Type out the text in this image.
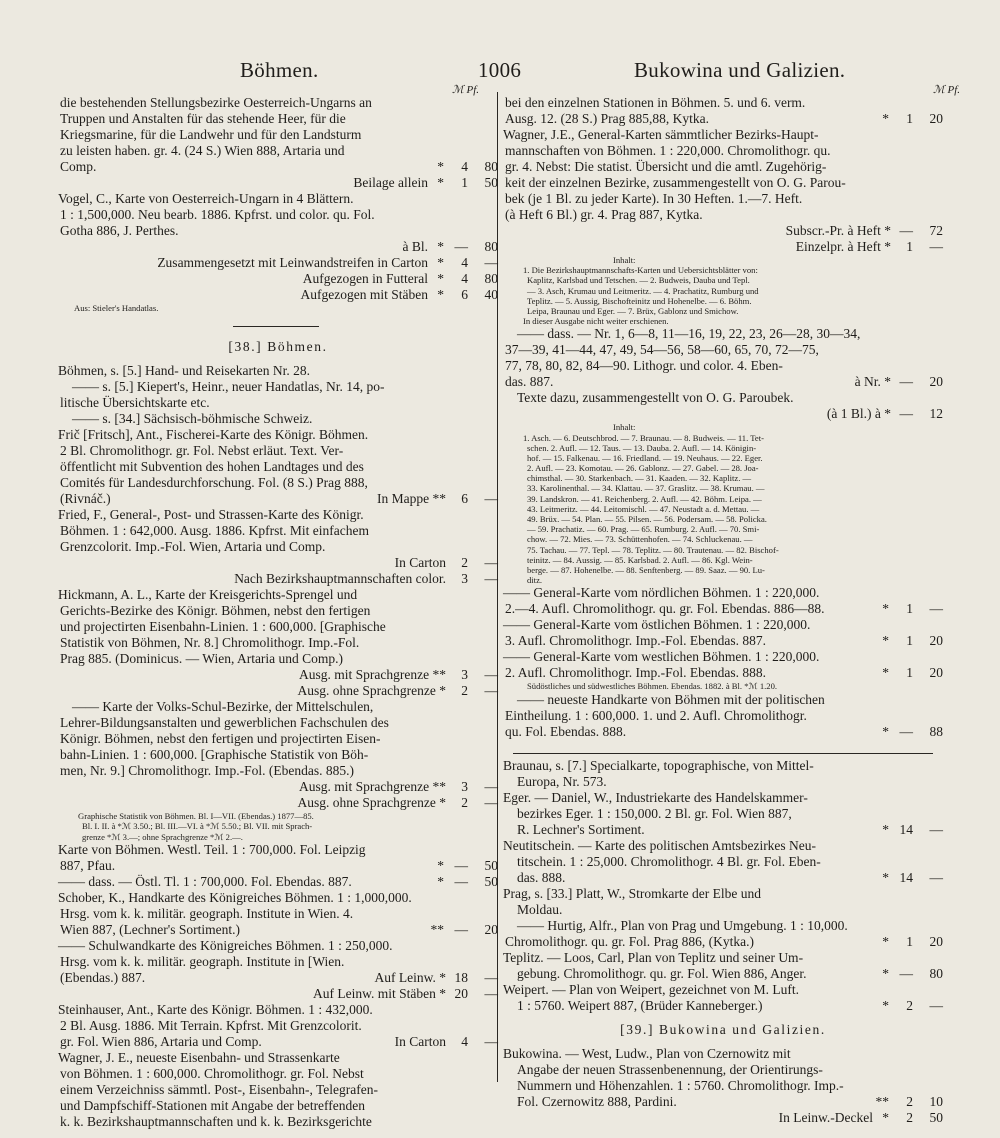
Böhmen.	1006	Bukowina und Galizien.
ℳ Pf.	ℳ Pf.
die bestehenden Stellungsbezirke Oesterreich-Ungarns an
Truppen und Anstalten für das stehende Heer, für die
Kriegsmarine, für die Landwehr und für den Landsturm
zu leisten haben. gr. 4. (24 S.) Wien 888, Artaria und
Comp.	* 4 80
Beilage allein * 1 50
Vogel, C., Karte von Oesterreich-Ungarn in 4 Blättern.
1 : 1,500,000. Neu bearb. 1886. Kpfrst. und color. qu. Fol.
Gotha 886, J. Perthes.
à Bl. * — 80
Zusammengesetzt mit Leinwandstreifen in Carton * 4 —
Aufgezogen in Futteral * 4 80
Aufgezogen mit Stäben * 6 40
Aus: Stieler's Handatlas.
[38.] Böhmen.
Böhmen, s. [5.] Hand- und Reisekarten Nr. 28.
—— s. [5.] Kiepert's, Heinr., neuer Handatlas, Nr. 14, po-
litische Übersichtskarte etc.
—— s. [34.] Sächsisch-böhmische Schweiz.
Frič [Fritsch], Ant., Fischerei-Karte des Königr. Böhmen.
2 Bl. Chromolithogr. gr. Fol. Nebst erläut. Text. Ver-
öffentlicht mit Subvention des hohen Landtages und des
Comités für Landesdurchforschung. Fol. (8 S.) Prag 888,
(Rivnáč.)	In Mappe ** 6 —
Fried, F., General-, Post- und Strassen-Karte des Königr.
Böhmen. 1 : 642,000. Ausg. 1886. Kpfrst. Mit einfachem
Grenzcolorit. Imp.-Fol. Wien, Artaria und Comp.
In Carton 2 —
Nach Bezirkshauptmannschaften color. 3 —
Hickmann, A. L., Karte der Kreisgerichts-Sprengel und
Gerichts-Bezirke des Königr. Böhmen, nebst den fertigen
und projectirten Eisenbahn-Linien. 1 : 600,000. [Graphische
Statistik von Böhmen, Nr. 8.] Chromolithogr. Imp.-Fol.
Prag 885. (Dominicus. — Wien, Artaria und Comp.)
Ausg. mit Sprachgrenze ** 3 —
Ausg. ohne Sprachgrenze * 2 —
—— Karte der Volks-Schul-Bezirke, der Mittelschulen,
Lehrer-Bildungsanstalten und gewerblichen Fachschulen des
Königr. Böhmen, nebst den fertigen und projectirten Eisen-
bahn-Linien. 1 : 600,000. [Graphische Statistik von Böh-
men, Nr. 9.] Chromolithogr. Imp.-Fol. (Ebendas. 885.)
Ausg. mit Sprachgrenze ** 3 —
Ausg. ohne Sprachgrenze * 2 —
Graphische Statistik von Böhmen. Bl. I—VII. (Ebendas.) 1877—85.
Bl. I. II. à *ℳ 3.50.; Bl. III.—VI. à *ℳ 5.50.; Bl. VII. mit Sprach-
grenze *ℳ 3.—; ohne Sprachgrenze *ℳ 2.—.
Karte von Böhmen. Westl. Teil. 1 : 700,000. Fol. Leipzig
887, Pfau.	* — 50
—— dass. — Östl. Tl. 1 : 700,000. Fol. Ebendas. 887.	* — 50
Schober, K., Handkarte des Königreiches Böhmen. 1 : 1,000,000.
Hrsg. vom k. k. militär. geograph. Institute in Wien. 4.
Wien 887, (Lechner's Sortiment.)	** — 20
—— Schulwandkarte des Königreiches Böhmen. 1 : 250,000.
Hrsg. vom k. k. militär. geograph. Institute in [Wien.
(Ebendas.) 887.	Auf Leinw. * 18 —
Auf Leinw. mit Stäben * 20 —
Steinhauser, Ant., Karte des Königr. Böhmen. 1 : 432,000.
2 Bl. Ausg. 1886. Mit Terrain. Kpfrst. Mit Grenzcolorit.
gr. Fol. Wien 886, Artaria und Comp.	In Carton 4 —
Wagner, J. E., neueste Eisenbahn- und Strassenkarte
von Böhmen. 1 : 600,000. Chromolithogr. gr. Fol. Nebst
einem Verzeichniss sämmtl. Post-, Eisenbahn-, Telegrafen-
und Dampfschiff-Stationen mit Angabe der betreffenden
k. k. Bezirkshauptmannschaften und k. k. Bezirksgerichte
bei den einzelnen Stationen in Böhmen. 5. und 6. verm.
Ausg. 12. (28 S.) Prag 885,88, Kytka.	* 1 20
Wagner, J.E., General-Karten sämmtlicher Bezirks-Haupt-
mannschaften von Böhmen. 1 : 220,000. Chromolithogr. qu.
gr. 4. Nebst: Die statist. Übersicht und die amtl. Zugehörig-
keit der einzelnen Bezirke, zusammengestellt von O. G. Parou-
bek (je 1 Bl. zu jeder Karte). In 30 Heften. 1.—7. Heft.
(à Heft 6 Bl.) gr. 4. Prag 887, Kytka.
Subscr.-Pr. à Heft * — 72
Einzelpr. à Heft * 1 —
Inhalt:
1. Die Bezirkshauptmannschafts-Karten und Uebersichtsblätter von:
Kaplitz, Karlsbad und Tetschen. — 2. Budweis, Dauba und Tepl.
— 3. Asch, Krumau und Leitmeritz. — 4. Prachatitz, Rumburg und
Teplitz. — 5. Aussig, Bischofteinitz und Hohenelbe. — 6. Böhm.
Leipa, Braunau und Eger. — 7. Brüx, Gablonz und Smichow.
In dieser Ausgabe nicht weiter erschienen.
—— dass. — Nr. 1, 6—8, 11—16, 19, 22, 23, 26—28, 30—34,
37—39, 41—44, 47, 49, 54—56, 58—60, 65, 70, 72—75,
77, 78, 80, 82, 84—90. Lithogr. und color. 4. Eben-
das. 887.	à Nr. * — 20
Texte dazu, zusammengestellt von O. G. Paroubek.
(à 1 Bl.) à * — 12
Inhalt:
1. Asch. — 6. Deutschbrod. — 7. Braunau. — 8. Budweis. — 11. Tet-
schen. 2. Aufl. — 12. Taus. — 13. Dauba. 2. Aufl. — 14. Königin-
hof. — 15. Falkenau. — 16. Friedland. — 19. Neuhaus. — 22. Eger.
2. Aufl. — 23. Komotau. — 26. Gablonz. — 27. Gabel. — 28. Joa-
chimsthal. — 30. Starkenbach. — 31. Kaaden. — 32. Kaplitz. —
33. Karolinenthal. — 34. Klattau. — 37. Graslitz. — 38. Krumau. —
39. Landskron. — 41. Reichenberg. 2. Aufl. — 42. Böhm. Leipa. —
43. Leitmeritz. — 44. Leitomischl. — 47. Neustadt a. d. Mettau. —
49. Brüx. — 54. Plan. — 55. Pilsen. — 56. Podersam. — 58. Policka.
— 59. Prachatiz. — 60. Prag. — 65. Rumburg. 2. Aufl. — 70. Smi-
chow. — 72. Mies. — 73. Schüttenhofen. — 74. Schluckenau. —
75. Tachau. — 77. Tepl. — 78. Teplitz. — 80. Trautenau. — 82. Bischof-
teinitz. — 84. Aussig. — 85. Karlsbad. 2. Aufl. — 86. Kgl. Wein-
berge. — 87. Hohenelbe. — 88. Senftenberg. — 89. Saaz. — 90. Lu-
ditz.
—— General-Karte vom nördlichen Böhmen. 1 : 220,000.
2.—4. Aufl. Chromolithogr. qu. gr. Fol. Ebendas. 886—88.	* 1 —
—— General-Karte vom östlichen Böhmen. 1 : 220,000.
3. Aufl. Chromolithogr. Imp.-Fol. Ebendas. 887.	* 1 20
—— General-Karte vom westlichen Böhmen. 1 : 220,000.
2. Aufl. Chromolithogr. Imp.-Fol. Ebendas. 888.	* 1 20
Südöstliches und südwestliches Böhmen. Ebendas. 1882. à Bl. *ℳ 1.20.
—— neueste Handkarte von Böhmen mit der politischen
Eintheilung. 1 : 600,000. 1. und 2. Aufl. Chromolithogr.
qu. Fol. Ebendas. 888.	* — 88
Braunau, s. [7.] Specialkarte, topographische, von Mittel-
Europa, Nr. 573.
Eger. — Daniel, W., Industriekarte des Handelskammer-
bezirkes Eger. 1 : 150,000. 2 Bl. gr. Fol. Wien 887,
R. Lechner's Sortiment.	* 14 —
Neutitschein. — Karte des politischen Amtsbezirkes Neu-
titschein. 1 : 25,000. Chromolithogr. 4 Bl. gr. Fol. Eben-
das. 888.	* 14 —
Prag, s. [33.] Platt, W., Stromkarte der Elbe und
Moldau.
—— Hurtig, Alfr., Plan von Prag und Umgebung. 1 : 10,000.
Chromolithogr. qu. gr. Fol. Prag 886, (Kytka.)	* 1 20
Teplitz. — Loos, Carl, Plan von Teplitz und seiner Um-
gebung. Chromolithogr. qu. gr. Fol. Wien 886, Anger.	* — 80
Weipert. — Plan von Weipert, gezeichnet von M. Luft.
1 : 5760. Weipert 887, (Brüder Kanneberger.)	* 2 —
[39.] Bukowina und Galizien.
Bukowina. — West, Ludw., Plan von Czernowitz mit
Angabe der neuen Strassenbenennung, der Orientirungs-
Nummern und Höhenzahlen. 1 : 5760. Chromolithogr. Imp.-
Fol. Czernowitz 888, Pardini.	** 2 10
In Leinw.-Deckel * 2 50
